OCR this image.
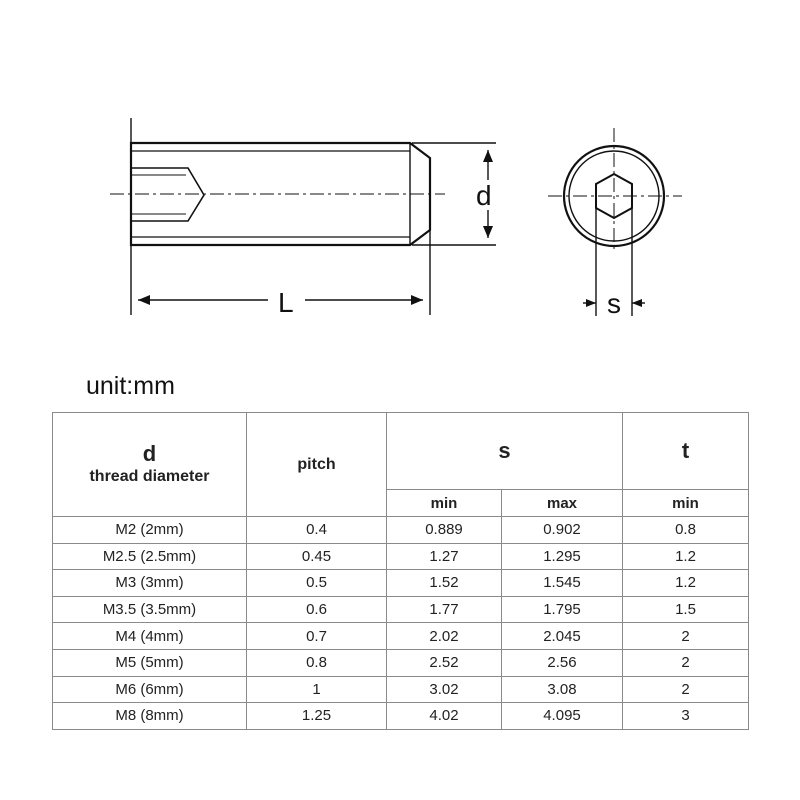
d
L	s
unit:mm
d
thread diameter	pitch	s		t

		min	max	min
M2 (2mm)	0.4	0.889	0.902	0.8
M2.5 (2.5mm)	0.45	1.27	1.295	1.2
M3 (3mm)	0.5	1.52	1.545	1.2
M3.5 (3.5mm)	0.6	1.77	1.795	1.5
M4 (4mm)	0.7	2.02	2.045	2
M5 (5mm)	0.8	2.52	2.56	2
M6 (6mm)	1	3.02	3.08	2
M8 (8mm)	1.25	4.02	4.095	3
